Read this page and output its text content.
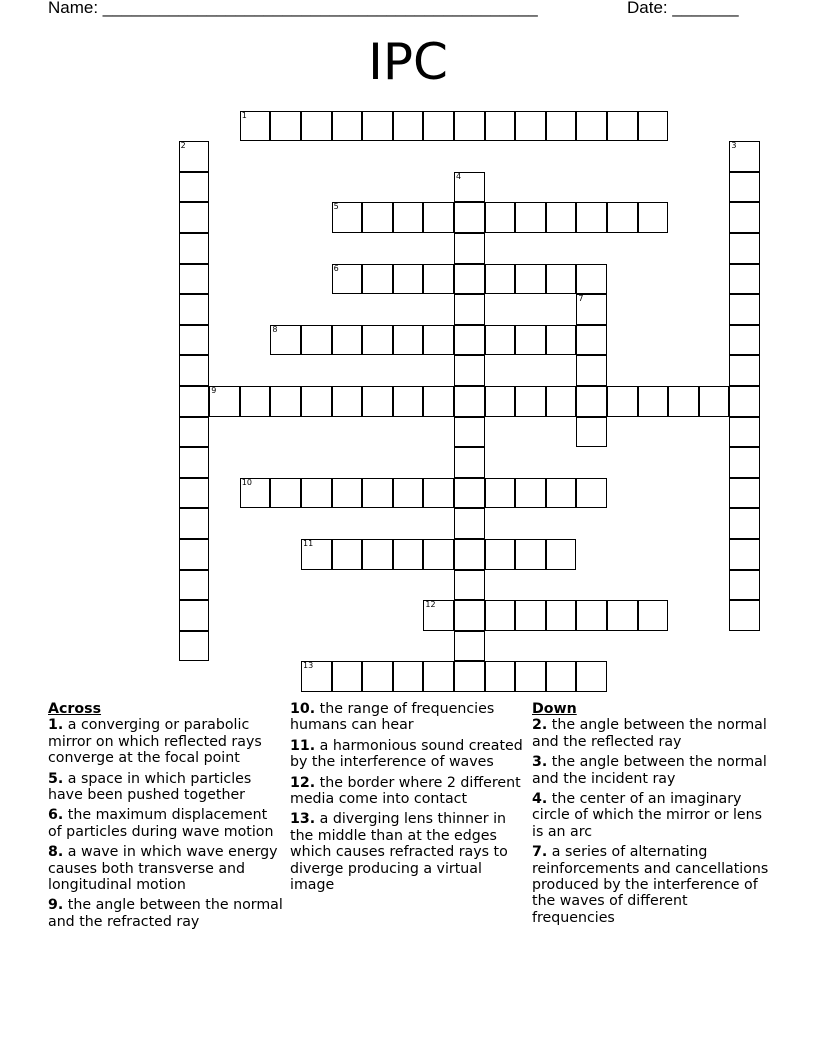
Name: ______________________________________________	Date: _______
IPC
1
2	3
4
5
6
7
8
9
10
11
12
13
Across
1. a converging or parabolic mirror on which reflected rays converge at the focal point
5. a space in which particles have been pushed together
6. the maximum displacement of particles during wave motion
8. a wave in which wave energy causes both transverse and longitudinal motion
9. the angle between the normal and the refracted ray
10. the range of frequencies humans can hear
11. a harmonious sound created by the interference of waves
12. the border where 2 different media come into contact
13. a diverging lens thinner in the middle than at the edges which causes refracted rays to diverge producing a virtual image
Down
2. the angle between the normal and the reflected ray
3. the angle between the normal and the incident ray
4. the center of an imaginary circle of which the mirror or lens is an arc
7. a series of alternating reinforcements and cancellations produced by the interference of the waves of different frequencies
